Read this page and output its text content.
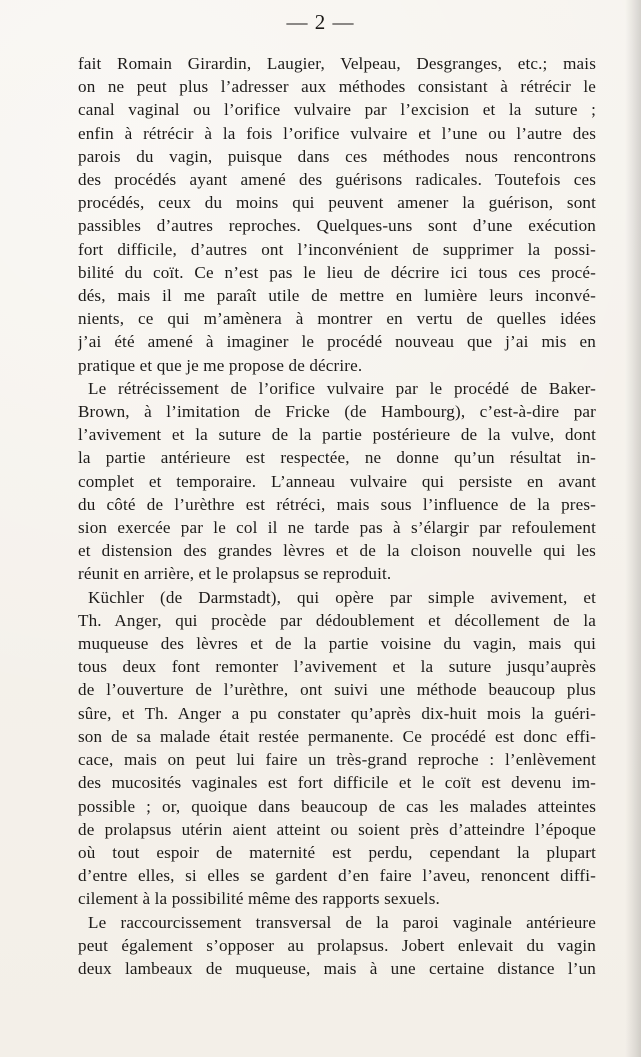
— 2 —
fait Romain Girardin, Laugier, Velpeau, Desgranges, etc.; mais
on ne peut plus l’adresser aux méthodes consistant à rétrécir le
canal vaginal ou l’orifice vulvaire par l’excision et la suture ;
enfin à rétrécir à la fois l’orifice vulvaire et l’une ou l’autre des
parois du vagin, puisque dans ces méthodes nous rencontrons
des procédés ayant amené des guérisons radicales. Toutefois ces
procédés, ceux du moins qui peuvent amener la guérison, sont
passibles d’autres reproches. Quelques-uns sont d’une exécution
fort difficile, d’autres ont l’inconvénient de supprimer la possi-
bilité du coït. Ce n’est pas le lieu de décrire ici tous ces procé-
dés, mais il me paraît utile de mettre en lumière leurs inconvé-
nients, ce qui m’amènera à montrer en vertu de quelles idées
j’ai été amené à imaginer le procédé nouveau que j’ai mis en
pratique et que je me propose de décrire.
Le rétrécissement de l’orifice vulvaire par le procédé de Baker-
Brown, à l’imitation de Fricke (de Hambourg), c’est-à-dire par
l’avivement et la suture de la partie postérieure de la vulve, dont
la partie antérieure est respectée, ne donne qu’un résultat in-
complet et temporaire. L’anneau vulvaire qui persiste en avant
du côté de l’urèthre est rétréci, mais sous l’influence de la pres-
sion exercée par le col il ne tarde pas à s’élargir par refoulement
et distension des grandes lèvres et de la cloison nouvelle qui les
réunit en arrière, et le prolapsus se reproduit.
Küchler (de Darmstadt), qui opère par simple avivement, et
Th. Anger, qui procède par dédoublement et décollement de la
muqueuse des lèvres et de la partie voisine du vagin, mais qui
tous deux font remonter l’avivement et la suture jusqu’auprès
de l’ouverture de l’urèthre, ont suivi une méthode beaucoup plus
sûre, et Th. Anger a pu constater qu’après dix-huit mois la guéri-
son de sa malade était restée permanente. Ce procédé est donc effi-
cace, mais on peut lui faire un très-grand reproche : l’enlèvement
des mucosités vaginales est fort difficile et le coït est devenu im-
possible ; or, quoique dans beaucoup de cas les malades atteintes
de prolapsus utérin aient atteint ou soient près d’atteindre l’époque
où tout espoir de maternité est perdu, cependant la plupart
d’entre elles, si elles se gardent d’en faire l’aveu, renoncent diffi-
cilement à la possibilité même des rapports sexuels.
Le raccourcissement transversal de la paroi vaginale antérieure
peut également s’opposer au prolapsus. Jobert enlevait du vagin
deux lambeaux de muqueuse, mais à une certaine distance l’un
